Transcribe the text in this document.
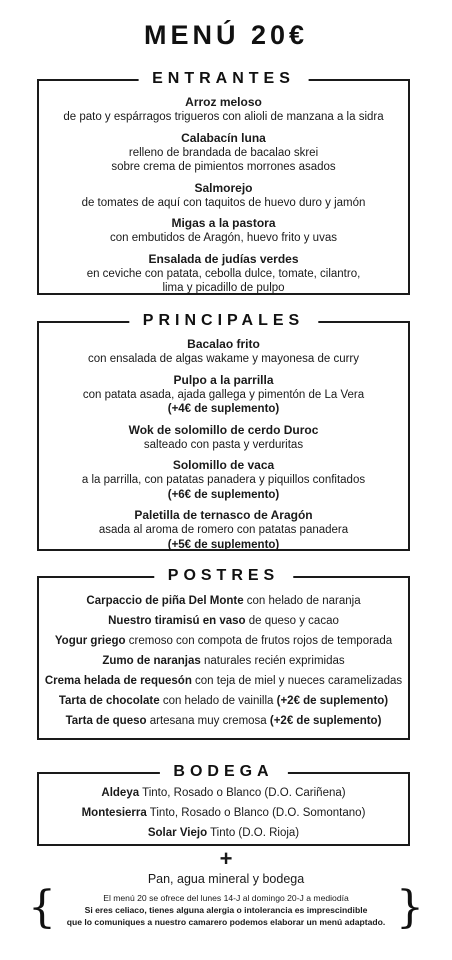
MENÚ 20€
ENTRANTES
Arroz meloso
de pato y espárragos trigueros con alioli de manzana a la sidra
Calabacín luna
relleno de brandada de bacalao skrei
sobre crema de pimientos morrones asados
Salmorejo
de tomates de aquí con taquitos de huevo duro y jamón
Migas a la pastora
con embutidos de Aragón, huevo frito y uvas
Ensalada de judías verdes
en ceviche con patata, cebolla dulce, tomate, cilantro,
lima y picadillo de pulpo
PRINCIPALES
Bacalao frito
con ensalada de algas wakame y mayonesa de curry
Pulpo a la parrilla
con patata asada, ajada gallega y pimentón de La Vera
(+4€ de suplemento)
Wok de solomillo de cerdo Duroc
salteado con pasta y verduritas
Solomillo de vaca
a la parrilla, con patatas panadera y piquillos confitados
(+6€ de suplemento)
Paletilla de ternasco de Aragón
asada al aroma de romero con patatas panadera
(+5€ de suplemento)
POSTRES
Carpaccio de piña Del Monte con helado de naranja
Nuestro tiramisú en vaso de queso y cacao
Yogur griego cremoso con compota de frutos rojos de temporada
Zumo de naranjas naturales recién exprimidas
Crema helada de requesón con teja de miel y nueces caramelizadas
Tarta de chocolate con helado de vainilla (+2€ de suplemento)
Tarta de queso artesana muy cremosa (+2€ de suplemento)
BODEGA
Aldeya Tinto, Rosado o Blanco (D.O. Cariñena)
Montesierra Tinto, Rosado o Blanco (D.O. Somontano)
Solar Viejo Tinto (D.O. Rioja)
+
Pan, agua mineral y bodega
{	}
El menú 20 se ofrece del lunes 14-J al domingo 20-J a mediodía
Si eres celiaco, tienes alguna alergia o intolerancia es imprescindible
que lo comuniques a nuestro camarero podemos elaborar un menú adaptado.
